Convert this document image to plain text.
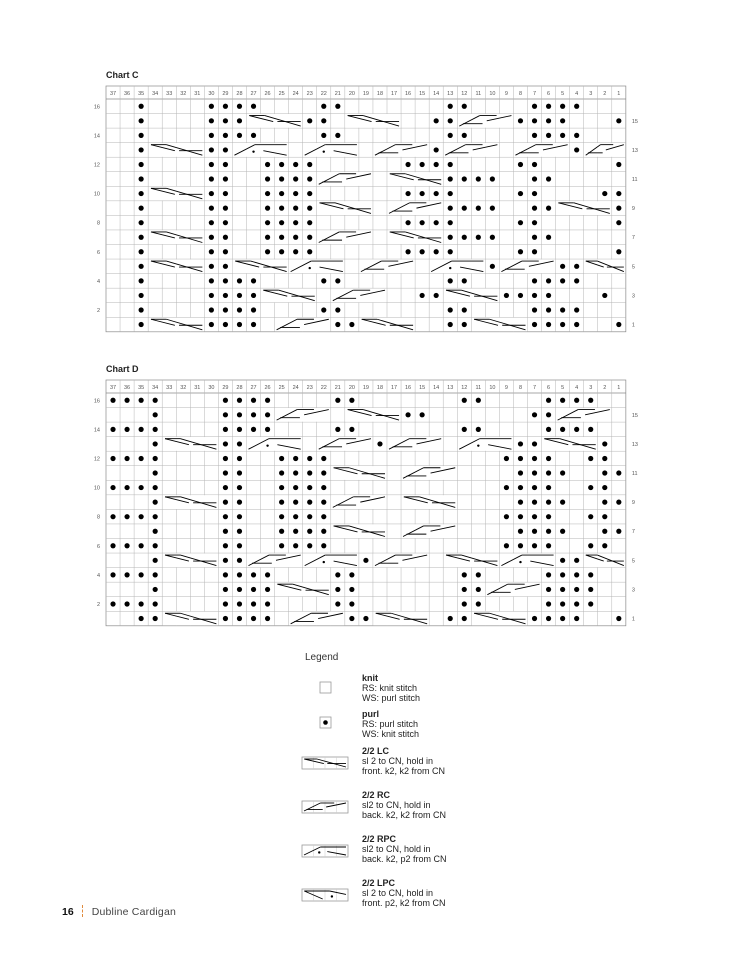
Chart C
37 36 35 34 33 32 31 30 29 28 27 26 25 24 23 22 21 20 19 18 17 16 15 14 13 12 11 10 9 8 7 6 5 4 3 2 1
16
14
12
10
8
6
4
2
15
13
11
9
7
5
3
1
Chart D
37 36 35 34 33 32 31 30 29 28 27 26 25 24 23 22 21 20 19 18 17 16 15 14 13 12 11 10 9 8 7 6 5 4 3 2 1
16
14
12
10
8
6
4
2
15
13
11
9
7
5
3
1
Legend
knit
RS: knit stitch
WS: purl stitch
purl
RS: purl stitch
WS: knit stitch
2/2 LC
sl 2 to CN, hold in
front. k2, k2 from CN
2/2 RC
sl2 to CN, hold in
back. k2, k2 from CN
2/2 RPC
sl2 to CN, hold in
back. k2, p2 from CN
2/2 LPC
sl 2 to CN, hold in
front. p2, k2 from CN
16 Dubline Cardigan
